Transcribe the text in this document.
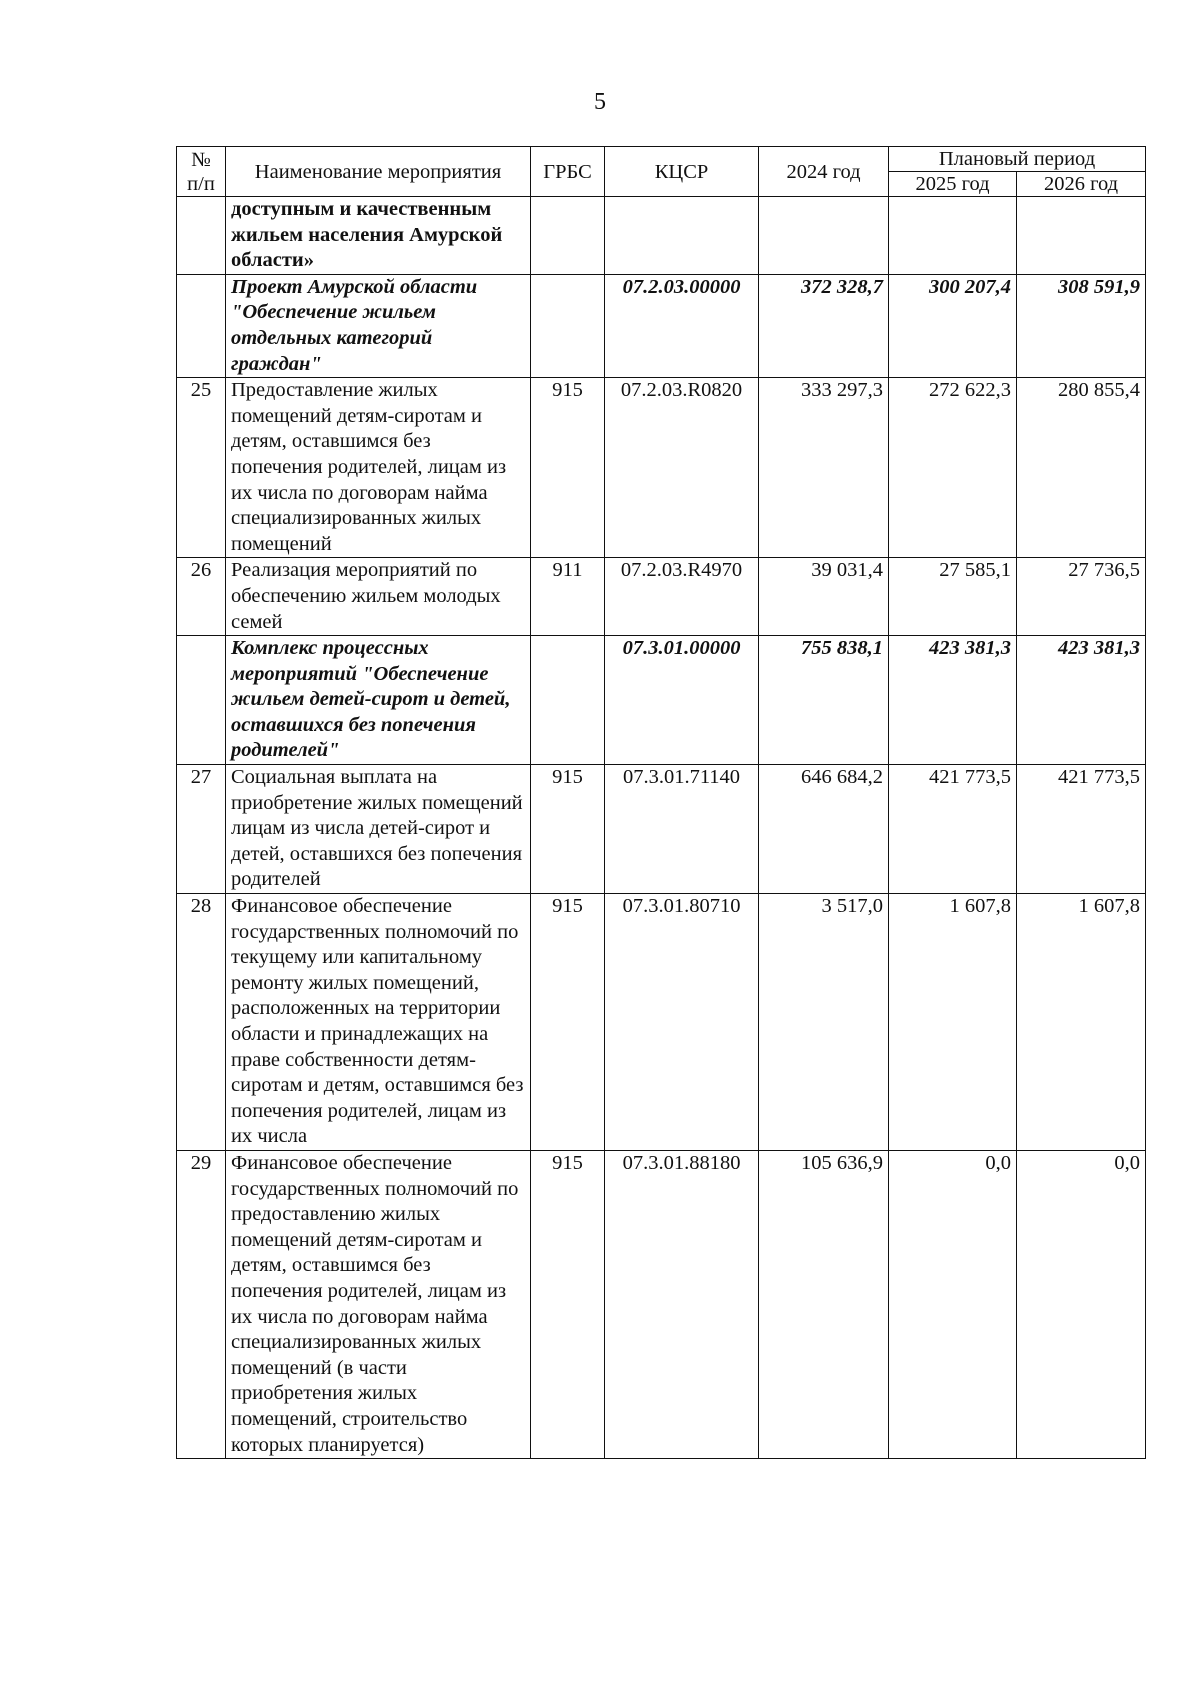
5
№ п/п	Наименование мероприятия	ГРБС	КЦСР	2024 год	Плановый период	
					2025 год	2026 год
	доступным и качественным жильем населения Амурской области»					
	Проект Амурской области "Обеспечение жильем отдельных категорий граждан"		07.2.03.00000	372 328,7	300 207,4	308 591,9
25	Предоставление жилых помещений детям-сиротам и детям, оставшимся без попечения родителей, лицам из их числа по договорам найма специализированных жилых помещений	915	07.2.03.R0820	333 297,3	272 622,3	280 855,4
26	Реализация мероприятий по обеспечению жильем молодых семей	911	07.2.03.R4970	39 031,4	27 585,1	27 736,5
	Комплекс процессных мероприятий "Обеспечение жильем детей-сирот и детей, оставшихся без попечения родителей"		07.3.01.00000	755 838,1	423 381,3	423 381,3
27	Социальная выплата на приобретение жилых помещений лицам из числа детей-сирот и детей, оставшихся без попечения родителей	915	07.3.01.71140	646 684,2	421 773,5	421 773,5
28	Финансовое обеспечение государственных полномочий по текущему или капитальному ремонту жилых помещений, расположенных на территории области и принадлежащих на праве собственности детям-сиротам и детям, оставшимся без попечения родителей, лицам из их числа	915	07.3.01.80710	3 517,0	1 607,8	1 607,8
29	Финансовое обеспечение государственных полномочий по предоставлению жилых помещений детям-сиротам и детям, оставшимся без попечения родителей, лицам из их числа по договорам найма специализированных жилых помещений (в части приобретения жилых помещений, строительство которых планируется)	915	07.3.01.88180	105 636,9	0,0	0,0
